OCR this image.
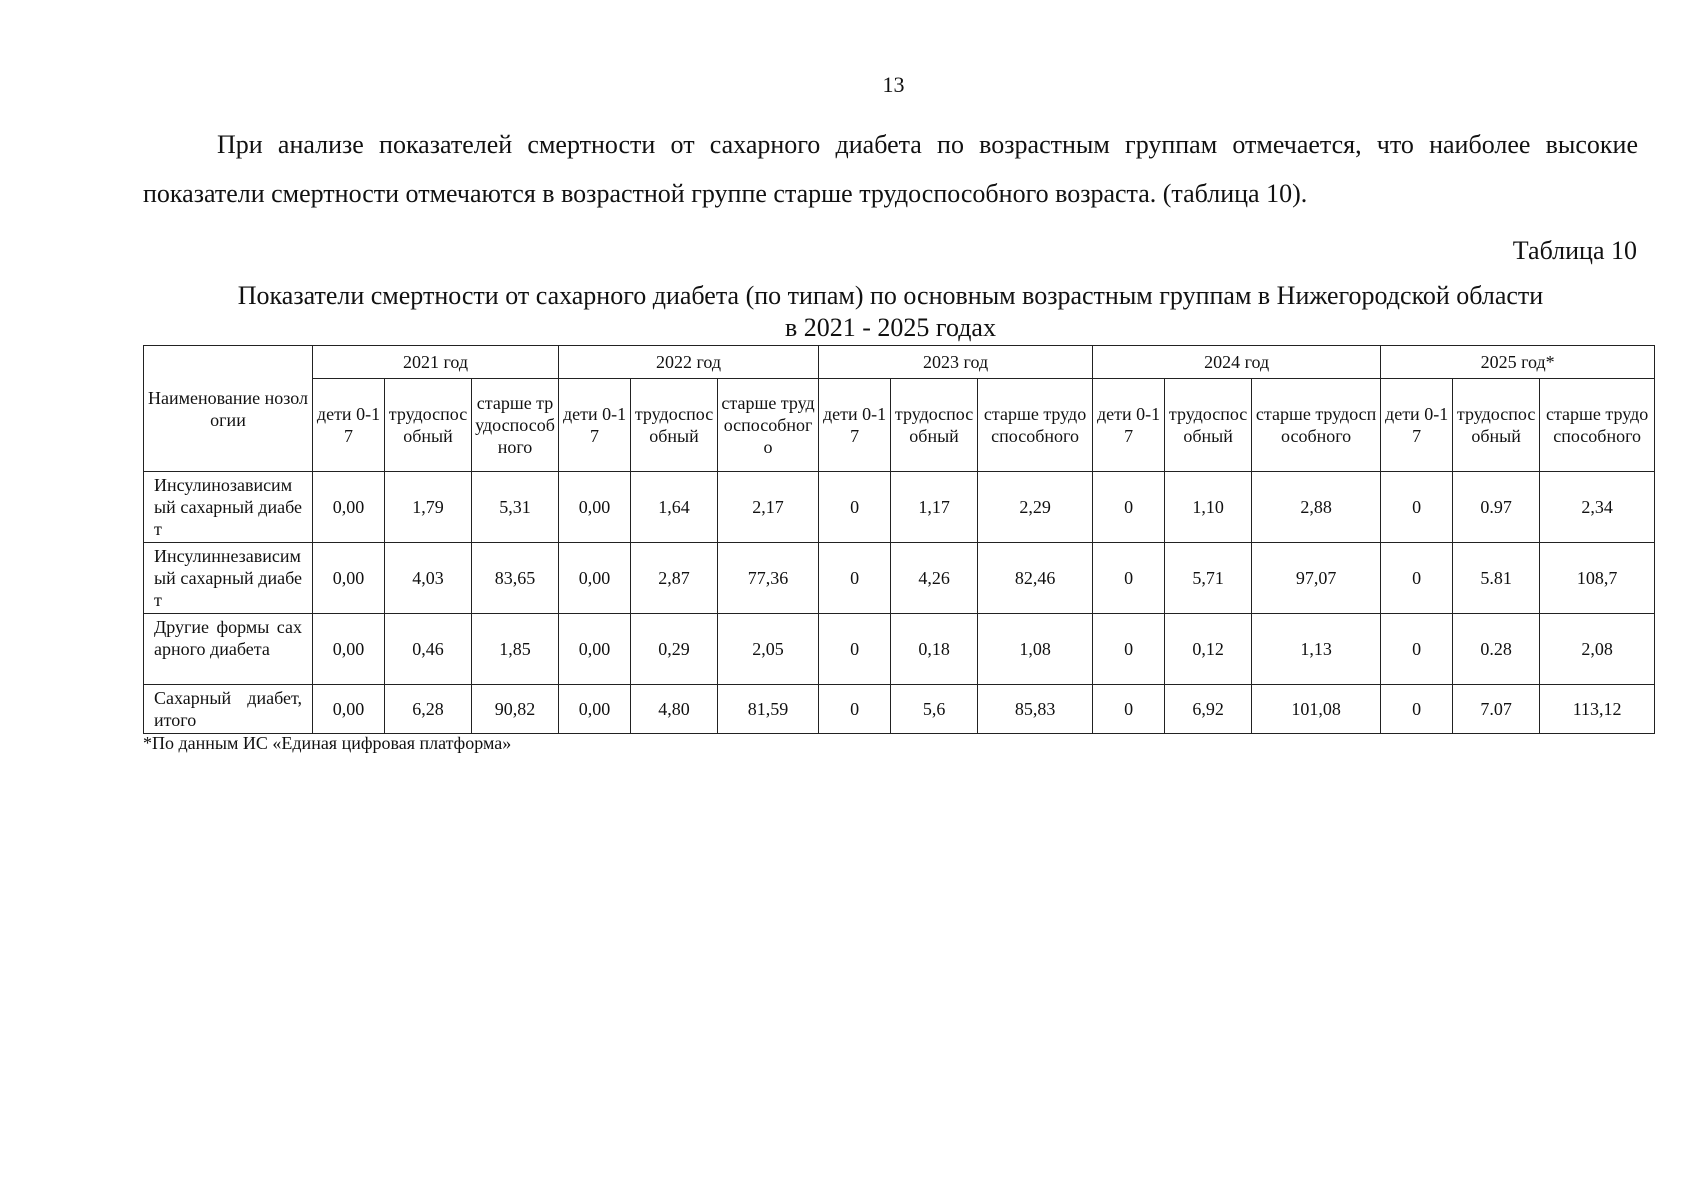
13

При анализе показателей смертности от сахарного диабета по возрастным группам отмечается, что наиболее высокие показатели смертности отмечаются в возрастной группе старше трудоспособного возраста. (таблица 10).

Таблица 10
Показатели смертности от сахарного диабета (по типам) по основным возрастным группам в Нижегородской области
в 2021 - 2025 годах
Наименование нозологии	2021 год			2022 год			2023 год			2024 год			2025 год*		
	дети 0-17	трудоспособный	старше трудоспособного	дети 0-17	трудоспособный	старше трудоспособного	дети 0-17	трудоспособный	старше трудоспособного	дети 0-17	трудоспособный	старше трудоспособного	дети 0-17	трудоспособный	старше трудоспособного
Инсулинозависимый сахарный диабет	0,00	1,79	5,31	0,00	1,64	2,17	0	1,17	2,29	0	1,10	2,88	0	0.97	2,34
Инсулиннезависимый сахарный диабет	0,00	4,03	83,65	0,00	2,87	77,36	0	4,26	82,46	0	5,71	97,07	0	5.81	108,7
Другие формы сахарного диабета	0,00	0,46	1,85	0,00	0,29	2,05	0	0,18	1,08	0	0,12	1,13	0	0.28	2,08
Сахарный диабет, итого	0,00	6,28	90,82	0,00	4,80	81,59	0	5,6	85,83	0	6,92	101,08	0	7.07	113,12
*По данным ИС «Единая цифровая платформа»
